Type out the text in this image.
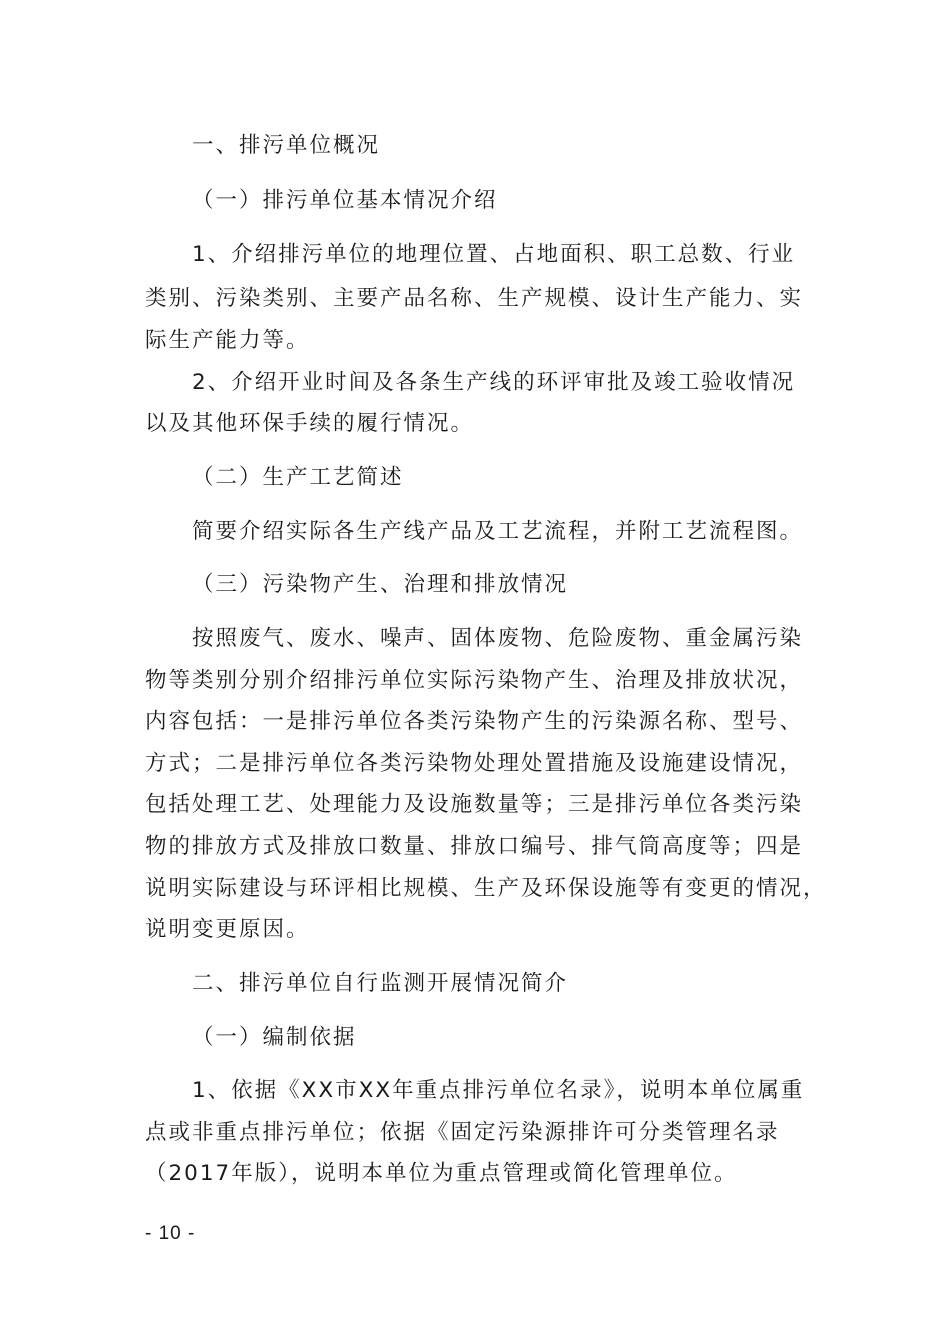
一、排污单位概况
（一）排污单位基本情况介绍
1、介绍排污单位的地理位置、占地面积、职工总数、行业
类别、污染类别、主要产品名称、生产规模、设计生产能力、实
际生产能力等。
2、介绍开业时间及各条生产线的环评审批及竣工验收情况
以及其他环保手续的履行情况。
（二）生产工艺简述
简要介绍实际各生产线产品及工艺流程，并附工艺流程图。
（三）污染物产生、治理和排放情况
按照废气、废水、噪声、固体废物、危险废物、重金属污染
物等类别分别介绍排污单位实际污染物产生、治理及排放状况，
内容包括：一是排污单位各类污染物产生的污染源名称、型号、
方式；二是排污单位各类污染物处理处置措施及设施建设情况，
包括处理工艺、处理能力及设施数量等；三是排污单位各类污染
物的排放方式及排放口数量、排放口编号、排气筒高度等；四是
说明实际建设与环评相比规模、生产及环保设施等有变更的情况，
说明变更原因。
二、排污单位自行监测开展情况简介
（一）编制依据
1、依据《XX市XX年重点排污单位名录》，说明本单位属重
点或非重点排污单位；依据《固定污染源排许可分类管理名录
（2017年版），说明本单位为重点管理或简化管理单位。
- 10 -
